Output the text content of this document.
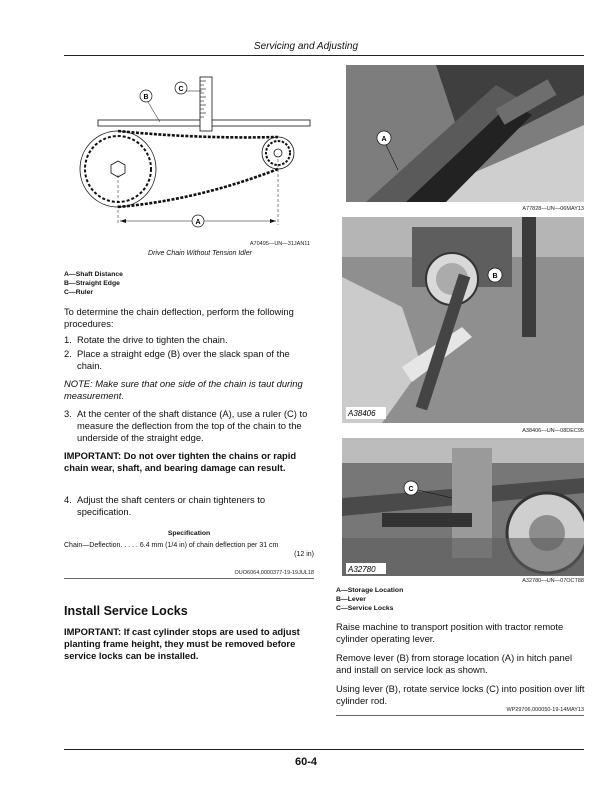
Servicing and Adjusting
B
C
A
A70495—UN—31JAN11
Drive Chain Without Tension Idler
A—Shaft Distance
B—Straight Edge
C—Ruler
To determine the chain deflection, perform the following procedures:
1. Rotate the drive to tighten the chain.
2. Place a straight edge (B) over the slack span of the chain.
NOTE: Make sure that one side of the chain is taut during measurement.
3. At the center of the shaft distance (A), use a ruler (C) to measure the deflection from the top of the chain to the underside of the straight edge.
IMPORTANT: Do not over tighten the chains or rapid chain wear, shaft, and bearing damage can result.
4. Adjust the shaft centers or chain tighteners to specification.
Specification
Chain—Deflection. . . . . 6.4 mm (1/4 in) of chain deflection per 31 cm
(12 in)
OUO6064,0000377-19-19JUL18
Install Service Locks
IMPORTANT: If cast cylinder stops are used to adjust planting frame height, they must be removed before service locks can be installed.
A
A77828—UN—06MAY13
B
A38406
A38406—UN—08DEC95
C
A32780
A32780—UN—07OCT88
A—Storage Location
B—Lever
C—Service Locks
Raise machine to transport position with tractor remote cylinder operating lever.
Remove lever (B) from storage location (A) in hitch panel and install on service lock as shown.
Using lever (B), rotate service locks (C) into position over lift cylinder rod.
WP29706,000050-19-14MAY13
60-4
